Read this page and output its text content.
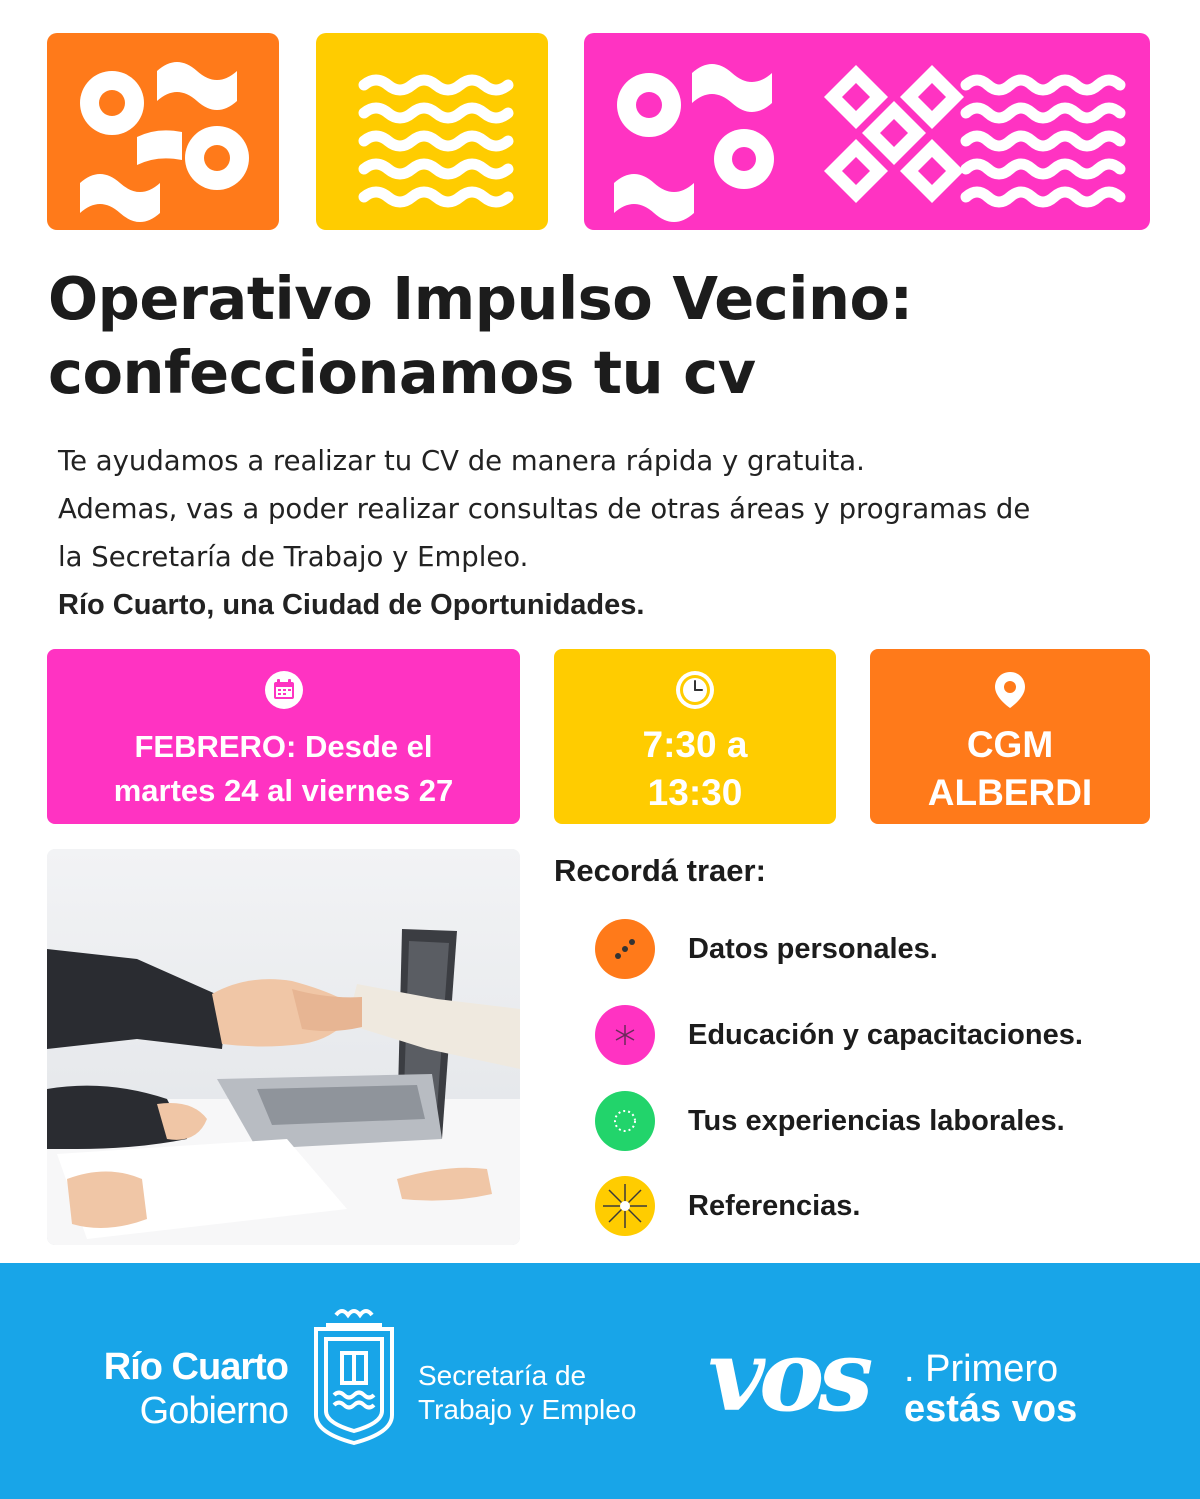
Operativo Impulso Vecino:
confeccionamos tu cv

Te ayudamos a realizar tu CV de manera rápida y gratuita.

Ademas, vas a poder realizar consultas de otras áreas y programas de

la Secretaría de Trabajo y Empleo.

Río Cuarto, una Ciudad de Oportunidades.

FEBRERO: Desde el
martes 24 al viernes 27
7:30 a
13:30
CGM
ALBERDI
Recordá traer:
Datos personales.
Educación y capacitaciones.
Tus experiencias laborales.
Referencias.
Río Cuarto
Gobierno
Secretaría de
Trabajo y Empleo vos . Primero
estás vos
